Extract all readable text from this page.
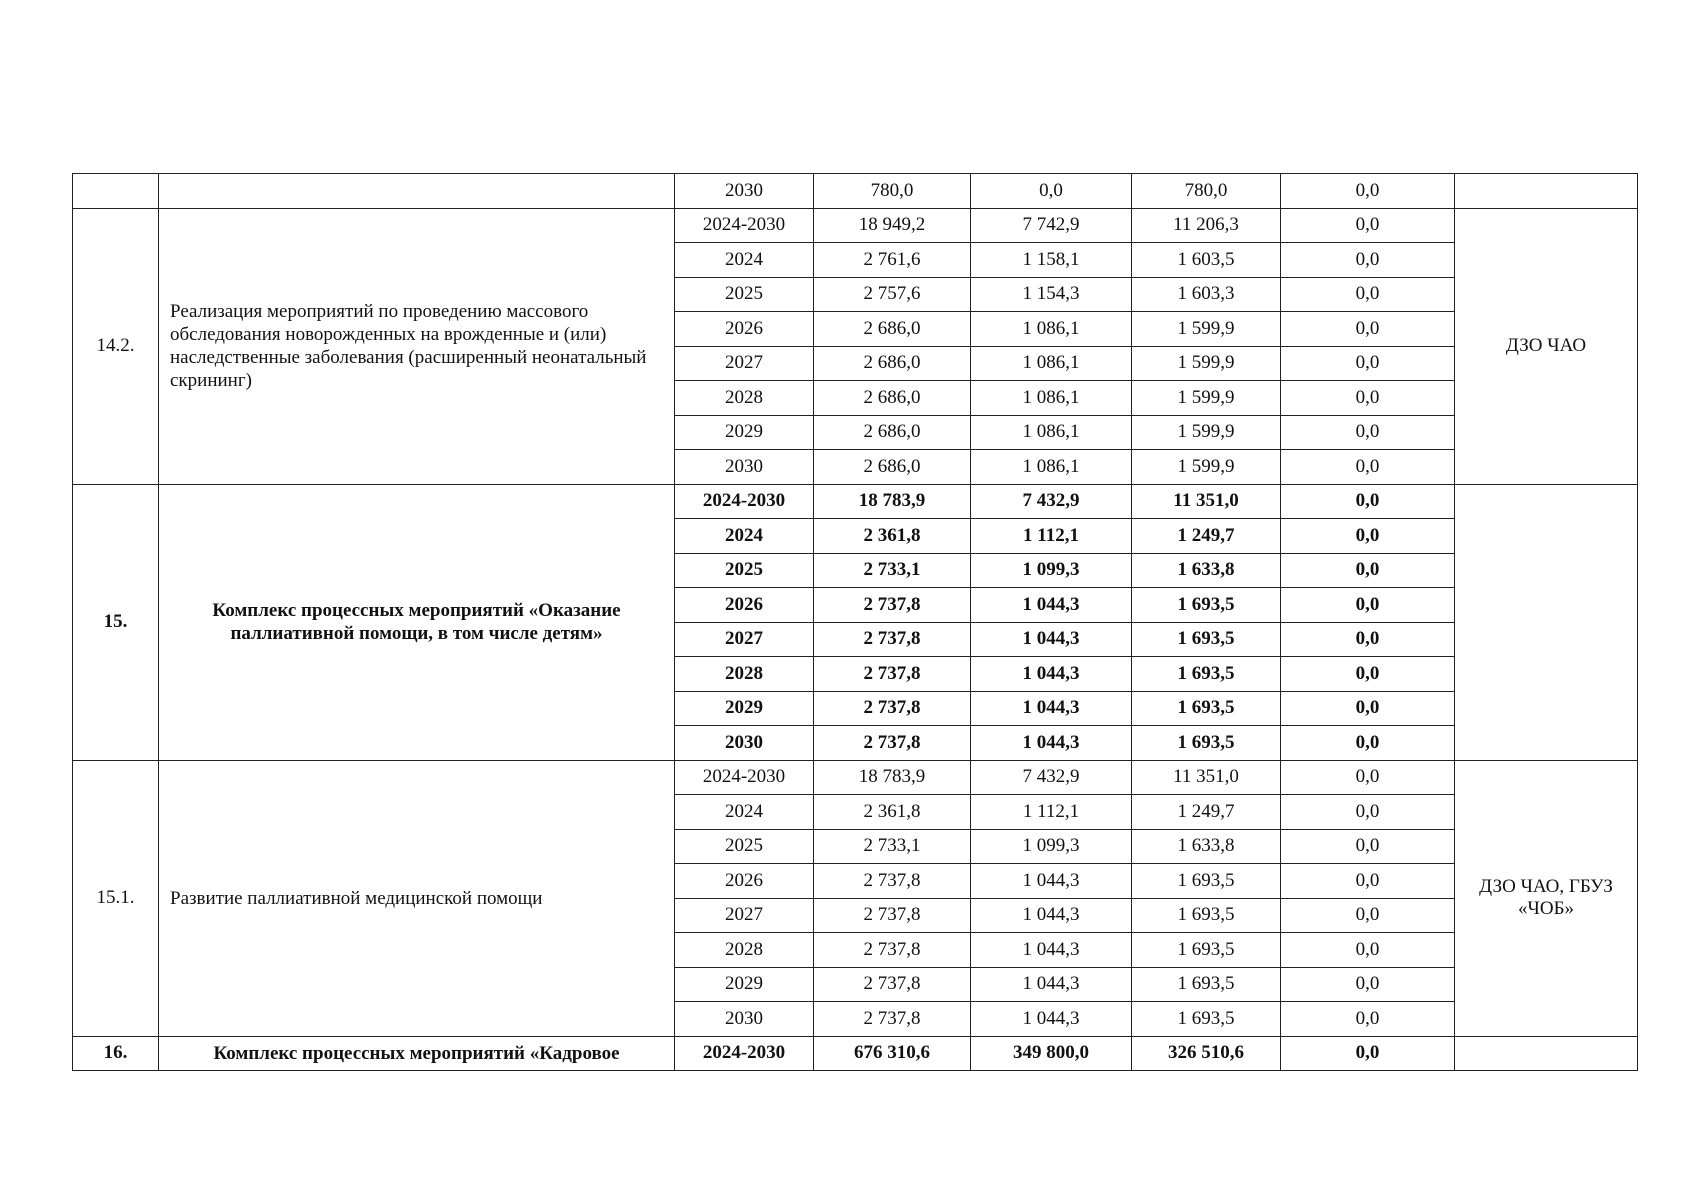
		2030	780,0	0,0	780,0	0,0	
14.2.	Реализация мероприятий по проведению массового обследования новорожденных на врожденные и (или) наследственные заболевания (расширенный неонатальный скрининг)	2024-2030	18 949,2	7 742,9	11 206,3	0,0	ДЗО ЧАО
		2024	2 761,6	1 158,1	1 603,5	0,0	
		2025	2 757,6	1 154,3	1 603,3	0,0	
		2026	2 686,0	1 086,1	1 599,9	0,0	
		2027	2 686,0	1 086,1	1 599,9	0,0	
		2028	2 686,0	1 086,1	1 599,9	0,0	
		2029	2 686,0	1 086,1	1 599,9	0,0	
		2030	2 686,0	1 086,1	1 599,9	0,0	
15.	Комплекс процессных мероприятий «Оказание паллиативной помощи, в том числе детям»	2024-2030	18 783,9	7 432,9	11 351,0	0,0	
		2024	2 361,8	1 112,1	1 249,7	0,0	
		2025	2 733,1	1 099,3	1 633,8	0,0	
		2026	2 737,8	1 044,3	1 693,5	0,0	
		2027	2 737,8	1 044,3	1 693,5	0,0	
		2028	2 737,8	1 044,3	1 693,5	0,0	
		2029	2 737,8	1 044,3	1 693,5	0,0	
		2030	2 737,8	1 044,3	1 693,5	0,0	
15.1.	Развитие паллиативной медицинской помощи	2024-2030	18 783,9	7 432,9	11 351,0	0,0	ДЗО ЧАО, ГБУЗ «ЧОБ»
		2024	2 361,8	1 112,1	1 249,7	0,0	
		2025	2 733,1	1 099,3	1 633,8	0,0	
		2026	2 737,8	1 044,3	1 693,5	0,0	
		2027	2 737,8	1 044,3	1 693,5	0,0	
		2028	2 737,8	1 044,3	1 693,5	0,0	
		2029	2 737,8	1 044,3	1 693,5	0,0	
		2030	2 737,8	1 044,3	1 693,5	0,0	
16.	Комплекс процессных мероприятий «Кадровое	2024-2030	676 310,6	349 800,0	326 510,6	0,0	
